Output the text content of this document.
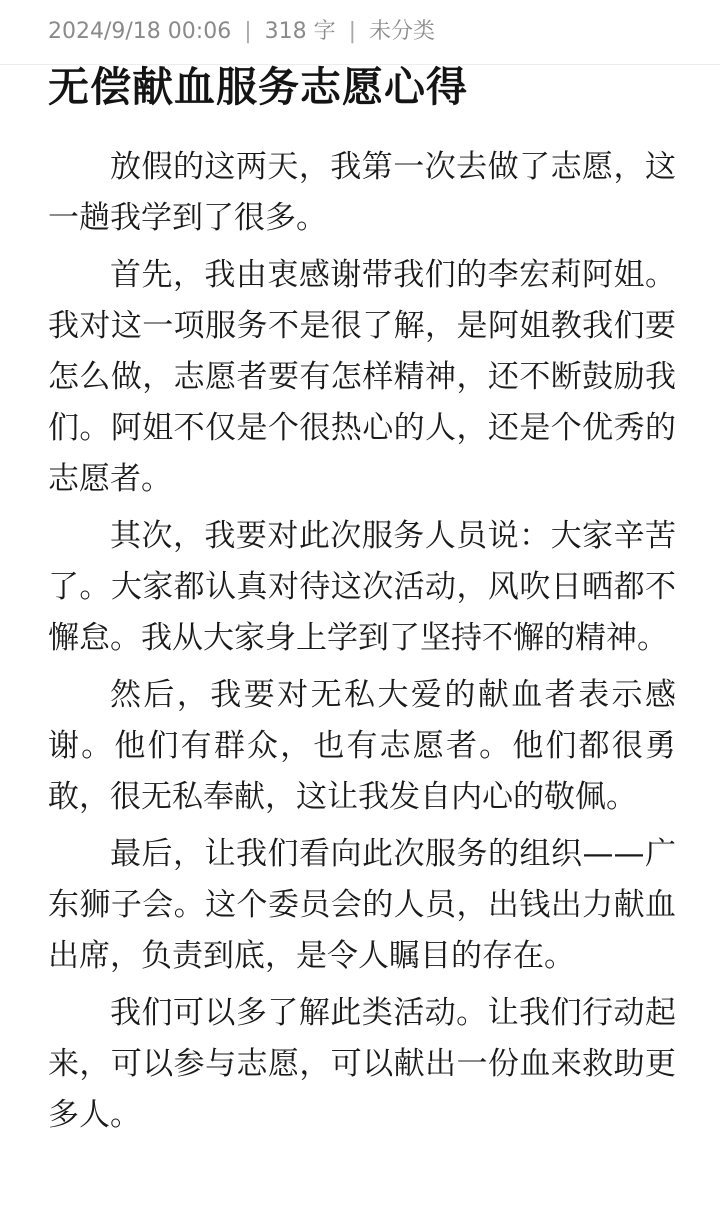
2024/9/18 00:06 | 318 字 | 未分类
无偿献血服务志愿心得

放假的这两天，我第一次去做了志愿，这一趟我学到了很多。

首先，我由衷感谢带我们的李宏莉阿姐。我对这一项服务不是很了解，是阿姐教我们要怎么做，志愿者要有怎样精神，还不断鼓励我们。阿姐不仅是个很热心的人，还是个优秀的志愿者。

其次，我要对此次服务人员说：大家辛苦了。大家都认真对待这次活动，风吹日晒都不懈怠。我从大家身上学到了坚持不懈的精神。

然后，我要对无私大爱的献血者表示感谢。他们有群众，也有志愿者。他们都很勇敢，很无私奉献，这让我发自内心的敬佩。

最后，让我们看向此次服务的组织——广东狮子会。这个委员会的人员，出钱出力献血出席，负责到底，是令人瞩目的存在。

我们可以多了解此类活动。让我们行动起来，可以参与志愿，可以献出一份血来救助更多人。
